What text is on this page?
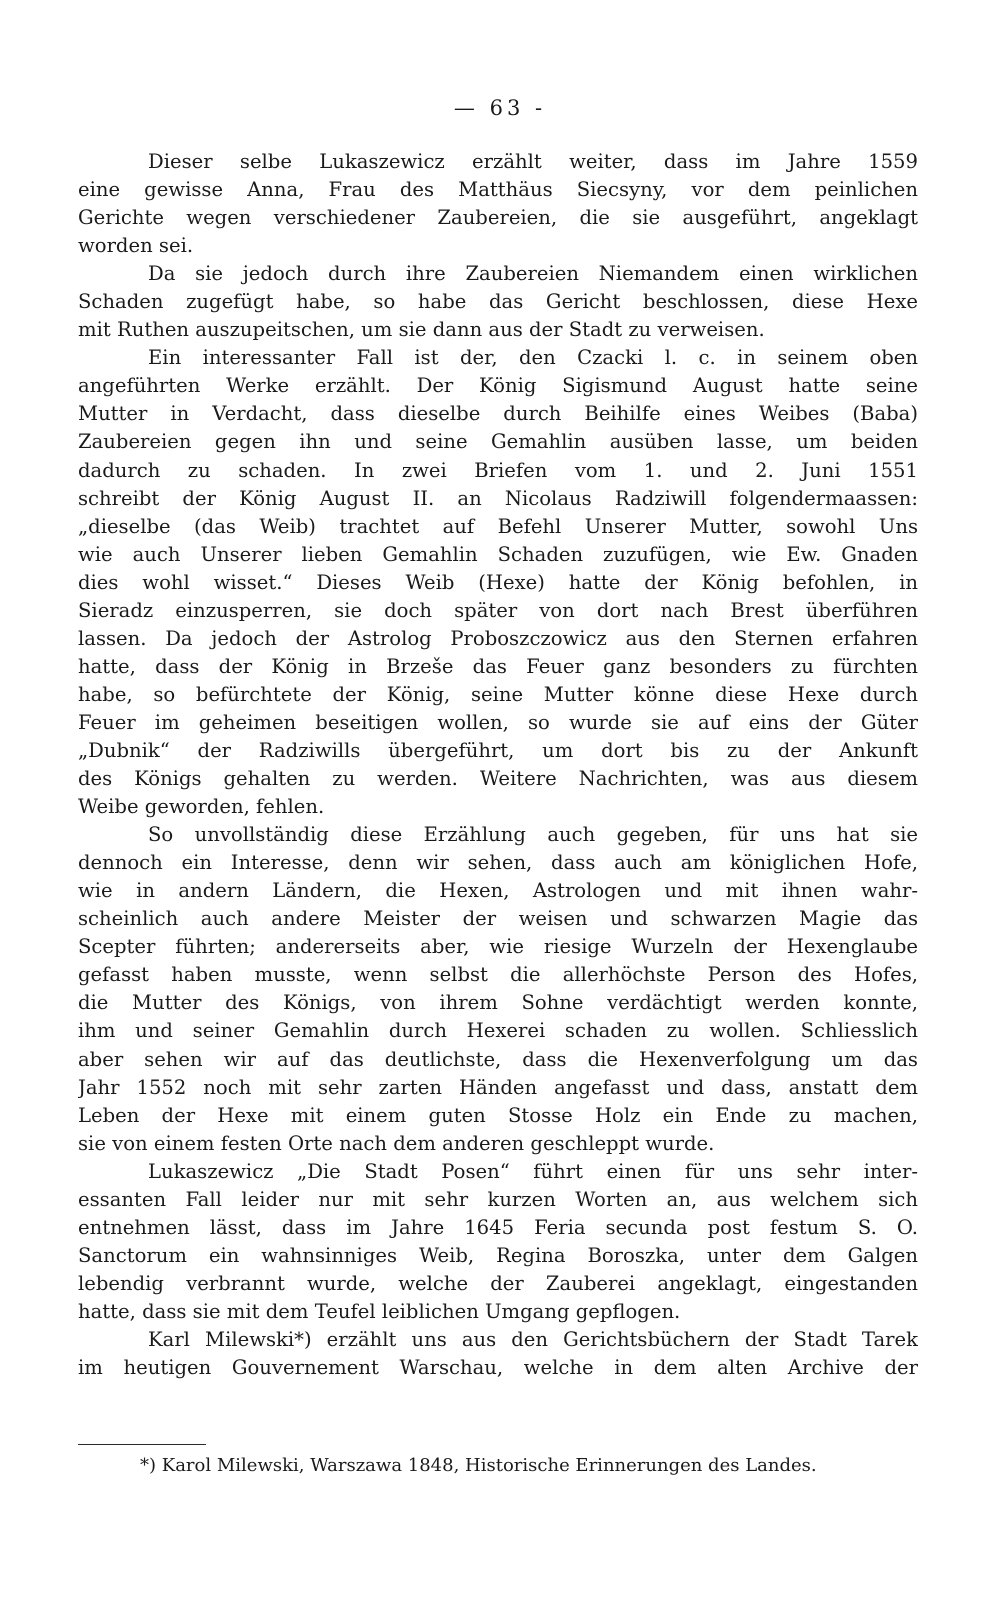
— 63 -
Dieser selbe Lukaszewicz erzählt weiter, dass im Jahre 1559
eine gewisse Anna, Frau des Matthäus Siecsyny, vor dem peinlichen
Gerichte wegen verschiedener Zaubereien, die sie ausgeführt, angeklagt
worden sei.
Da sie jedoch durch ihre Zaubereien Niemandem einen wirklichen
Schaden zugefügt habe, so habe das Gericht beschlossen, diese Hexe
mit Ruthen auszupeitschen, um sie dann aus der Stadt zu verweisen.
Ein interessanter Fall ist der, den Czacki l. c. in seinem oben
angeführten Werke erzählt. Der König Sigismund August hatte seine
Mutter in Verdacht, dass dieselbe durch Beihilfe eines Weibes (Baba)
Zaubereien gegen ihn und seine Gemahlin ausüben lasse, um beiden
dadurch zu schaden. In zwei Briefen vom 1. und 2. Juni 1551
schreibt der König August II. an Nicolaus Radziwill folgendermaassen:
„dieselbe (das Weib) trachtet auf Befehl Unserer Mutter, sowohl Uns
wie auch Unserer lieben Gemahlin Schaden zuzufügen, wie Ew. Gnaden
dies wohl wisset.“ Dieses Weib (Hexe) hatte der König befohlen, in
Sieradz einzusperren, sie doch später von dort nach Brest überführen
lassen. Da jedoch der Astrolog Proboszczowicz aus den Sternen erfahren
hatte, dass der König in Brzeše das Feuer ganz besonders zu fürchten
habe, so befürchtete der König, seine Mutter könne diese Hexe durch
Feuer im geheimen beseitigen wollen, so wurde sie auf eins der Güter
„Dubnik“ der Radziwills übergeführt, um dort bis zu der Ankunft
des Königs gehalten zu werden. Weitere Nachrichten, was aus diesem
Weibe geworden, fehlen.
So unvollständig diese Erzählung auch gegeben, für uns hat sie
dennoch ein Interesse, denn wir sehen, dass auch am königlichen Hofe,
wie in andern Ländern, die Hexen, Astrologen und mit ihnen wahr-
scheinlich auch andere Meister der weisen und schwarzen Magie das
Scepter führten; andererseits aber, wie riesige Wurzeln der Hexenglaube
gefasst haben musste, wenn selbst die allerhöchste Person des Hofes,
die Mutter des Königs, von ihrem Sohne verdächtigt werden konnte,
ihm und seiner Gemahlin durch Hexerei schaden zu wollen. Schliesslich
aber sehen wir auf das deutlichste, dass die Hexenverfolgung um das
Jahr 1552 noch mit sehr zarten Händen angefasst und dass, anstatt dem
Leben der Hexe mit einem guten Stosse Holz ein Ende zu machen,
sie von einem festen Orte nach dem anderen geschleppt wurde.
Lukaszewicz „Die Stadt Posen“ führt einen für uns sehr inter-
essanten Fall leider nur mit sehr kurzen Worten an, aus welchem sich
entnehmen lässt, dass im Jahre 1645 Feria secunda post festum S. O.
Sanctorum ein wahnsinniges Weib, Regina Boroszka, unter dem Galgen
lebendig verbrannt wurde, welche der Zauberei angeklagt, eingestanden
hatte, dass sie mit dem Teufel leiblichen Umgang gepflogen.
Karl Milewski*) erzählt uns aus den Gerichtsbüchern der Stadt Tarek
im heutigen Gouvernement Warschau, welche in dem alten Archive der
*) Karol Milewski, Warszawa 1848, Historische Erinnerungen des Landes.
